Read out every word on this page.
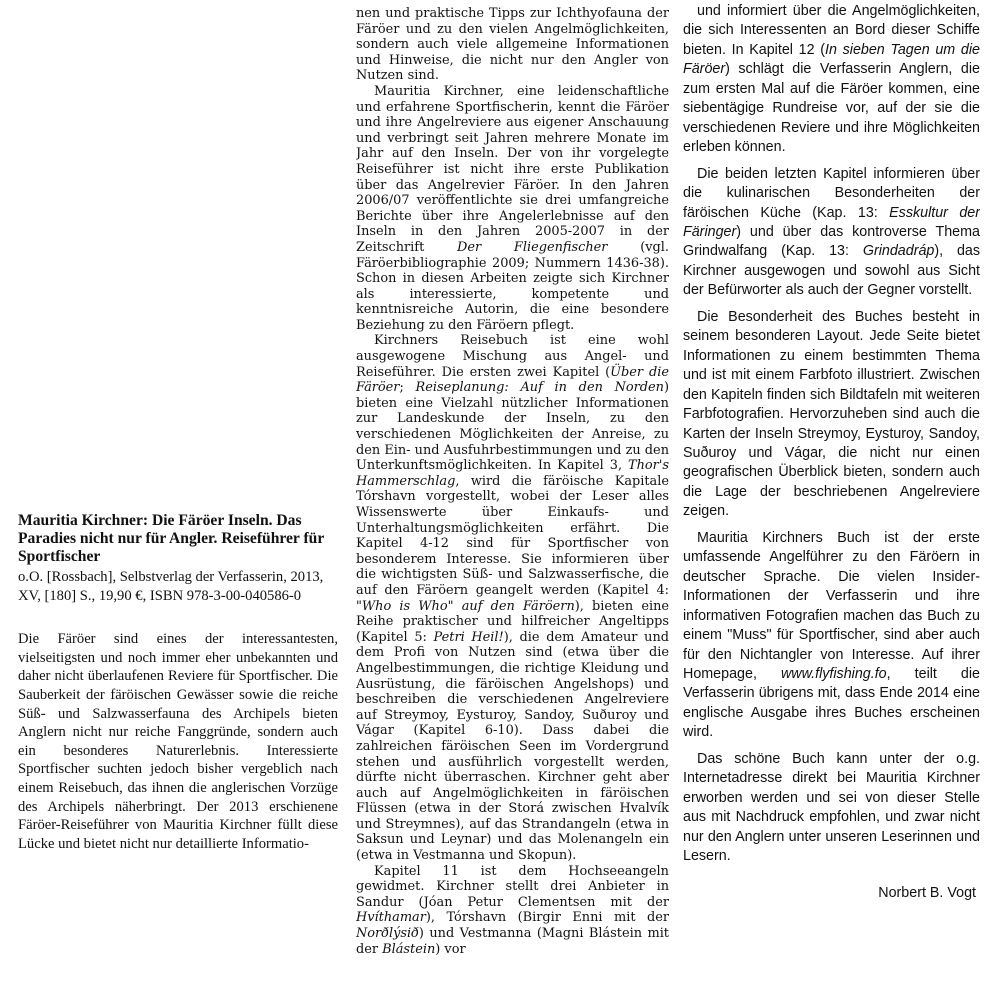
Mauritia Kirchner: Die Färöer Inseln. Das Paradies nicht nur für Angler. Reiseführer für Sportfischer

o.O. [Rossbach], Selbstverlag der Verfasserin, 2013, XV, [180] S., 19,90 €, ISBN 978-3-00-040586-0

Die Färöer sind eines der interessantesten, vielseitigsten und noch immer eher unbekannten und daher nicht überlaufenen Reviere für Sportfischer. Die Sauberkeit der färöischen Gewässer sowie die reiche Süß- und Salzwasserfauna des Archipels bieten Anglern nicht nur reiche Fanggründe, sondern auch ein besonderes Naturerlebnis. Interessierte Sportfischer suchten jedoch bisher vergeblich nach einem Reisebuch, das ihnen die anglerischen Vorzüge des Archipels näherbringt. Der 2013 erschienene Färöer-Reiseführer von Mauritia Kirchner füllt diese Lücke und bietet nicht nur detaillierte Informatio-

nen und praktische Tipps zur Ichthyofauna der Färöer und zu den vielen Angelmöglichkeiten, sondern auch viele allgemeine Informationen und Hinweise, die nicht nur den Angler von Nutzen sind.

Mauritia Kirchner, eine leidenschaftliche und erfahrene Sportfischerin, kennt die Färöer und ihre Angelreviere aus eigener Anschauung und verbringt seit Jahren mehrere Monate im Jahr auf den Inseln. Der von ihr vorgelegte Reiseführer ist nicht ihre erste Publikation über das Angelrevier Färöer. In den Jahren 2006/07 veröffentlichte sie drei umfangreiche Berichte über ihre Angelerlebnisse auf den Inseln in den Jahren 2005-2007 in der Zeitschrift Der Fliegenfischer (vgl. Färöerbibliographie 2009; Nummern 1436-38). Schon in diesen Arbeiten zeigte sich Kirchner als interessierte, kompetente und kenntnisreiche Autorin, die eine besondere Beziehung zu den Färöern pflegt.

Kirchners Reisebuch ist eine wohl ausgewogene Mischung aus Angel- und Reiseführer. Die ersten zwei Kapitel (Über die Färöer; Reiseplanung: Auf in den Norden) bieten eine Vielzahl nützlicher Informationen zur Landeskunde der Inseln, zu den verschiedenen Möglichkeiten der Anreise, zu den Ein- und Ausfuhrbestimmungen und zu den Unterkunftsmöglichkeiten. In Kapitel 3, Thor's Hammerschlag, wird die färöische Kapitale Tórshavn vorgestellt, wobei der Leser alles Wissenswerte über Einkaufs- und Unterhaltungsmöglichkeiten erfährt. Die Kapitel 4-12 sind für Sportfischer von besonderem Interesse. Sie informieren über die wichtigsten Süß- und Salzwasserfische, die auf den Färöern geangelt werden (Kapitel 4: "Who is Who" auf den Färöern), bieten eine Reihe praktischer und hilfreicher Angeltipps (Kapitel 5: Petri Heil!), die dem Amateur und dem Profi von Nutzen sind (etwa über die Angelbestimmungen, die richtige Kleidung und Ausrüstung, die färöischen Angelshops) und beschreiben die verschiedenen Angelreviere auf Streymoy, Eysturoy, Sandoy, Suðuroy und Vágar (Kapitel 6-10). Dass dabei die zahlreichen färöischen Seen im Vordergrund stehen und ausführlich vorgestellt werden, dürfte nicht überraschen. Kirchner geht aber auch auf Angelmöglichkeiten in färöischen Flüssen (etwa in der Storá zwischen Hvalvík und Streymnes), auf das Strandangeln (etwa in Saksun und Leynar) und das Molenangeln ein (etwa in Vestmanna und Skopun).

Kapitel 11 ist dem Hochseeangeln gewidmet. Kirchner stellt drei Anbieter in Sandur (Jóan Petur Clementsen mit der Hvíthamar), Tórshavn (Birgir Enni mit der Norðlýsið) und Vestmanna (Magni Blástein mit der Blástein) vor

und informiert über die Angelmöglichkeiten, die sich Interessenten an Bord dieser Schiffe bieten. In Kapitel 12 (In sieben Tagen um die Färöer) schlägt die Verfasserin Anglern, die zum ersten Mal auf die Färöer kommen, eine siebentägige Rundreise vor, auf der sie die verschiedenen Reviere und ihre Möglichkeiten erleben können.

Die beiden letzten Kapitel informieren über die kulinarischen Besonderheiten der färöischen Küche (Kap. 13: Esskultur der Färinger) und über das kontroverse Thema Grindwalfang (Kap. 13: Grindadráp), das Kirchner ausgewogen und sowohl aus Sicht der Befürworter als auch der Gegner vorstellt.

Die Besonderheit des Buches besteht in seinem besonderen Layout. Jede Seite bietet Informationen zu einem bestimmten Thema und ist mit einem Farbfoto illustriert. Zwischen den Kapiteln finden sich Bildtafeln mit weiteren Farbfotografien. Hervorzuheben sind auch die Karten der Inseln Streymoy, Eysturoy, Sandoy, Suðuroy und Vágar, die nicht nur einen geografischen Überblick bieten, sondern auch die Lage der beschriebenen Angelreviere zeigen.

Mauritia Kirchners Buch ist der erste umfassende Angelführer zu den Färöern in deutscher Sprache. Die vielen Insider-Informationen der Verfasserin und ihre informativen Fotografien machen das Buch zu einem "Muss" für Sportfischer, sind aber auch für den Nichtangler von Interesse. Auf ihrer Homepage, www.flyfishing.fo, teilt die Verfasserin übrigens mit, dass Ende 2014 eine englische Ausgabe ihres Buches erscheinen wird.

Das schöne Buch kann unter der o.g. Internetadresse direkt bei Mauritia Kirchner erworben werden und sei von dieser Stelle aus mit Nachdruck empfohlen, und zwar nicht nur den Anglern unter unseren Leserinnen und Lesern.

Norbert B. Vogt
